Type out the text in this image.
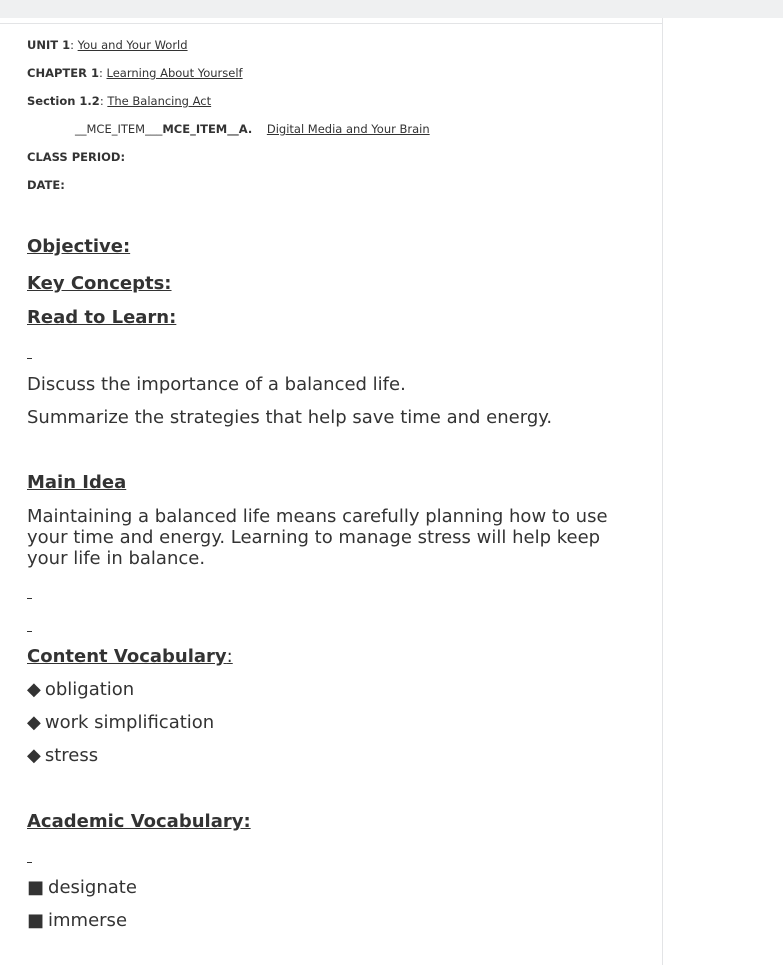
UNIT 1: You and Your World
CHAPTER 1: Learning About Yourself
Section 1.2: The Balancing Act
__MCE_ITEM___MCE_ITEM__A. Digital Media and Your Brain
CLASS PERIOD:
DATE:
Objective:
Key Concepts:
Read to Learn:
Discuss the importance of a balanced life.
Summarize the strategies that help save time and energy.
Main Idea
Maintaining a balanced life means carefully planning how to use your time and energy. Learning to manage stress will help keep your life in balance.
Content Vocabulary:
◆ obligation
◆ work simplification
◆ stress
Academic Vocabulary:
■ designate
■ immerse
